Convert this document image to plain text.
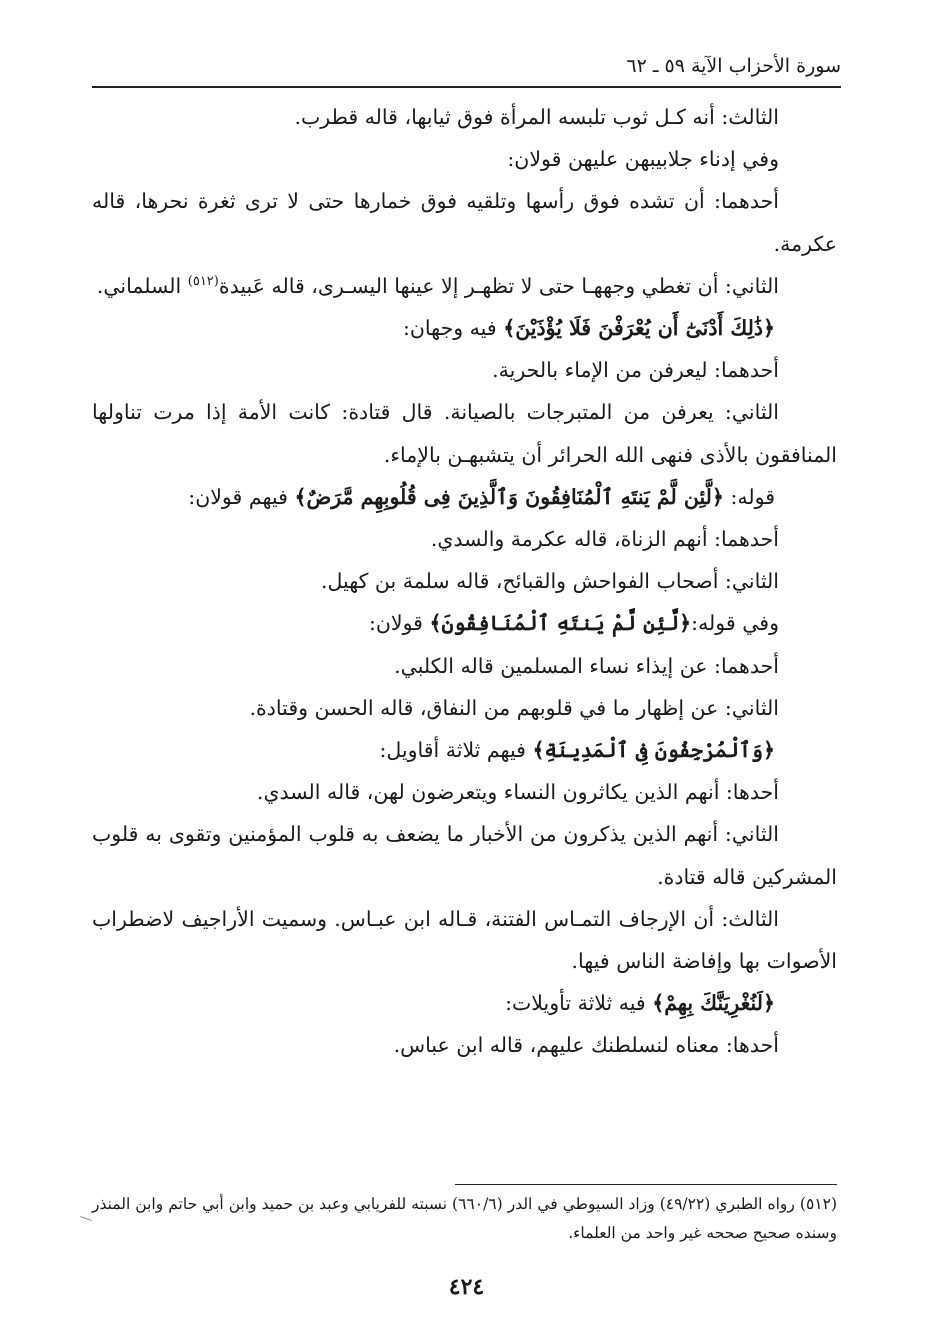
سورة الأحزاب الآية ٥٩ ـ ٦٢

الثالث: أنه كـل ثوب تلبسه المرأة فوق ثيابها، قاله قطرب.

وفي إدناء جلابيبهن عليهن قولان:

أحدهما: أن تشده فوق رأسها وتلقيه فوق خمارها حتى لا ترى ثغرة نحرها، قاله عكرمة.

الثاني: أن تغطي وجههـا حتى لا تظهـر إلا عينها اليسـرى، قاله عَبيدة$^{(٥١٢)}$ السلماني.

﴿ذَٰلِكَ أَدْنَىٰٓ أَن يُعْرَفْنَ فَلَا يُؤْذَيْنَ﴾ فيه وجهان:

أحدهما: ليعرفن من الإماء بالحرية.

الثاني: يعرفن من المتبرجات بالصيانة. قال قتادة: كانت الأمة إذا مرت تناولها المنافقون بالأذى فنهى الله الحرائر أن يتشبهـن بالإماء.

قوله: ﴿لَّئِن لَّمْ يَنتَهِ ٱلْمُنَافِقُونَ وَٱلَّذِينَ فِى قُلُوبِهِم مَّرَضٌ﴾ فيهم قولان:

أحدهما: أنهم الزناة، قاله عكرمة والسدي.

الثاني: أصحاب الفواحش والقبائح، قاله سلمة بن كهيل.

وفي قوله:﴿لَّئِن لَّمْ يَنتَهِ ٱلْمُنَافِقُونَ﴾ قولان:

أحدهما: عن إيذاء نساء المسلمين قاله الكلبي.

الثاني: عن إظهار ما في قلوبهم من النفاق، قاله الحسن وقتادة.

﴿وَٱلْمُرْجِفُونَ فِى ٱلْمَدِينَةِ﴾ فيهم ثلاثة أقاويل:

أحدها: أنهم الذين يكاثرون النساء ويتعرضون لهن، قاله السدي.

الثاني: أنهم الذين يذكرون من الأخبار ما يضعف به قلوب المؤمنين وتقوى به قلوب المشركين قاله قتادة.

الثالث: أن الإرجاف التمـاس الفتنة، قـاله ابن عبـاس. وسميت الأراجيف لاضطراب الأصوات بها وإفاضة الناس فيها.

﴿لَنُغْرِيَنَّكَ بِهِمْ﴾ فيه ثلاثة تأويلات:

أحدها: معناه لنسلطنك عليهم، قاله ابن عباس.

(٥١٢) رواه الطبري (٤٩/٢٢) وزاد السيوطي في الدر (٦٦٠/٦) نسبته للفريابي وعبد بن حميد وابن أبي حاتم وابن المنذر وسنده صحيح صححه غير واحد من العلماء.

٤٢٤
